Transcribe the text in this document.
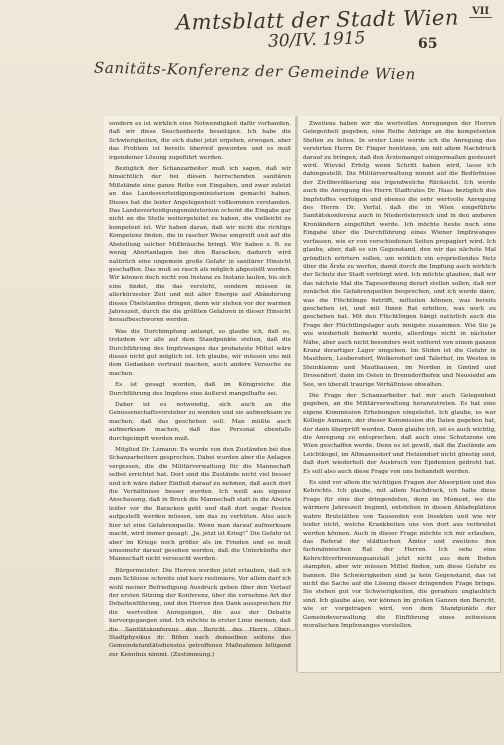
Amtsblatt der Stadt Wien
30/IV. 1915	65
VII
Sanitäts-Konferenz der Gemeinde Wien

sondern es ist wirklich eine Notwendigkeit dafür vorhanden, daß wir diese Seuchenherde beseitigen. Ich habe die Schwierigkeiten, die sich dabei jetzt ergeben, erwogen, aber das Problem ist bereits überreif geworden und es muß irgendeiner Lösung zugeführt werden.

Bezüglich der Schanzarbeiter muß ich sagen, daß wir hinsichtlich der bei diesen herrschenden sanitären Mißstände eine ganze Reihe von Eingaben, und zwar zuletzt an das Landesverteidigungsministerium gemacht haben. Dieses hat die leider Angelegenheit vollkommen verstanden. Das Landesverteidigungsministerium scheint die Eingabe gar nicht an die Stelle weitergeleitet zu haben, die vielleicht zu kompetent ist. Wir haben daran, daß wir nicht die richtige Kompetenz finden, die in rascher Weise eingreift und auf die Abstellung solcher Mißbräuche bringt. Wir haben z. B. zu wenig Abortanlagen bei den Baracken; dadurch wird natürlich eine ungemein große Gefahr in sanitärer Hinsicht geschaffen. Das muß so rasch als möglich abgestellt werden. Wir können doch nicht von Instanz zu Instanz laufen, bis sich eine findet, die das versteht, sondern müssen in allerkürzester Zeit und mit aller Energie auf Abänderung dieses Übelstandes dringen, denn wir stehen vor der warmen Jahreszeit, durch die die größten Gefahren in dieser Hinsicht heraufbeschworen werden.

Was die Durchimpfung anlangt, so glaube ich, daß es, trotzdem wir alle auf dem Standpunkte stehen, daß die Durchführung des Impfzwanges das probateste Mittel wäre dieses nicht gut möglich ist. Ich glaube, wir müssen uns mit dem Gedanken vertraut machen, auch andere Versuche zu machen.

Es ist gesagt worden, daß im Königreiche die Durchführung des Impfens eine äußerst mangelhafte sei.

Daher ist es notwendig, sich auch an die Genossenschaftsvorsteher zu wenden und sie aufmerksam zu machen, daß das geschehen soll. Man müßte auch aufmerksam machen, daß das Personal ebenfalls durchgeimpft werden muß.

Mitglied Dr. Lemann: Es wurde von den Zuständen bei den Schanzarbeitern gesprochen. Dabei wurden aber die Anlagen vergessen, die die Militärverwaltung für die Mannschaft selbst errichtet hat. Dort sind die Zustände nicht viel besser und ich wäre daher Einfluß darauf zu nehmen, daß auch dort die Verhältnisse besser werden. Ich weiß aus eigener Anschauung, daß in Bruck die Mannschaft statt in die Aborte leider vor die Baracken geht und daß dort sogar Posten aufgestellt werden müssen, um das zu verhüten. Also auch hier ist eine Gefahrenquelle. Wenn man darauf aufmerksam macht, wird immer gesagt: „Ja, jetzt ist Krieg!“ Die Gefahr ist aber im Kriege noch größer als im Frieden und so muß umsomehr darauf gesehen werden, daß die Unterkünfte der Mannschaft nicht verseucht werden.

Bürgermeister: Die Herren werden jetzt erlauben, daß ich zum Schlusse schreite und kurz resümiere. Vor allem darf ich wohl meiner Befriedigung Ausdruck geben über den Verlauf der ersten Sitzung der Konferenz, über die vornehme Art der Debattenführung, und den Herren den Dank aussprechen für die wertvollen Anregungen, die aus der Debatte hervorgegangen sind. Ich möchte in erster Linie meinen, daß die Sanitätskonferenz den Bericht des Herrn Ober-Stadtphysikus dr. Böhm nach demselben seitens des Gemeindefanitätsdienstes getroffenen Maßnahmen billigend zur Kenntnis nimmt. (Zustimmung.)

Zweitens haben wir die wertvollen Anregungen der Herren Gelegenheit gegeben, eine Reihe Anträge an die kompetenten Stellen zu leiten. In erster Linie werde ich die Anregung des verehrten Herrn Dr. Finger benützen, um mit allem Nachdruck darauf zu bringen, daß den Ärztemangel einigermaßen gesteuert wird. Wieviel Erfolg wenn Schritt haben wird, lasse ich dahingestellt. Die Militärverwaltung nimmt auf die Bedürfnisse der Zivilbevölkerung nie irgendwelche Rücksicht. Ich werde auch die Anregung des Herrn Stadtrates Dr. Haas bezüglich des Impfstoffes verfolgen und ebenso die sehr wertvolle Anregung des Herrn Dr. Verfal, daß die in Wien eingeführte Sanitätskonferenz auch in Niederösterreich und in den anderen Kronländern eingeführt werde. Ich möchte heute noch eine Eingabe über die Durchführung eines Wiener Impfzwanges verfassen, wie er von verschiedenen Seiten propagiert wird. Ich glaube, aber, daß es ein Gegenstand, den wir das nächste Mal gründlich erörtern sollen, um wirklich ein ersprießendes Netz über die Ärzte zu werfen, damit durch die Impfung auch wirklich der Schutz der Stadt verbürgt wird. Ich möchte glauben, daß wir das nächste Mal die Tagesordnung derart stellen sollen, daß wir zunächst die Gefahrenquellen besprechen, und ich werde dann, was die Flüchtlinge betrifft, mitteilen können, was bereits geschehen ist, und mit Ihnen Rat erbitten, was noch zu geschehen hat. Mit den Flüchtlingen hängt natürlich auch die Frage der Flüchtlingslager aufs innigste zusammen. Wie Sie ja wie wiederholt bemerkt wurde, allerdings nicht in nächster Nähe, aber auch nicht besonders weit entfernt von einem ganzen Kranz derartiger Lager umgeben. Im Süden ist die Gefahr in Mauthern, Leobersdorf, Wolkersdorf und Talerhof, im Westen in Steinklamm und Mauthausen, im Norden in Gmünd und Drosendorf, dann im Osten in Brenndorfhofen und Neusiedel am See, wo überall traurige Verhältnisse obwalten.

Die Frage der Schanzarbeiter hat mir auch Gelegenheit gegeben, an die Militärverwaltung heranzutreten. Es hat eine eigene Kommission Erhebungen eingeleitet. Ich glaube, es war Kollege Axmann, der dieser Kommission die Daten gegeben hat, der dann überprüft wurden. Dann glaube ich, ist es auch wichtig, die Anregung zu entsprechen, daß auch eine Schutzzone um Wien geschaffen werde. Denn es ist gewiß, daß die Zustände am Leichtkogel, im Altmannsdorf und Hetzendorf nicht günstig sind, daß dort wiederholt der Ausbruch von Epidemien gedroht hat. Es soll also auch diese Frage von uns behandelt werden.

Es sind vor allem die wichtigen Fragen der Absorption und des Kehrichts. Ich glaube, mit allem Nachdruck, ich halte diese Frage für eine der dringendsten, denn im Moment, wo die wärmere Jahreszeit beginnt, entstehen in diesen Abladeplätzen wahre Brutstätten von Tausenden von Insekten und wie wir leider nicht, welche Krankheiten uns von dort aus verbreitet werden können. Auch in dieser Frage möchte ich mir erlauben, das Referat der städtischen Ämter und zweitens den fachmännischen Rat der Herren. Ich sehe eine Kehrichtverbrennungsanstalt jetzt nicht aus dem Boden stampfen, aber wir müssen Mittel finden, um diese Gefahr zu bannen. Die Schwierigkeiten sind ja kein Gegenstand, das ist nicht die Sache auf die Lösung dieser dringenden Frage bringe. Sie stehen gut vor Schwierigkeiten, die geradezu unglaublich sind. Ich glaube also, wir können im großen Ganzen den Bericht, wie er vorgetragen wird, von dem Standpunkte der Gemeindeverwaltung die Einführung eines zeitweisen moralischen Impfzwanges vorstellen.
